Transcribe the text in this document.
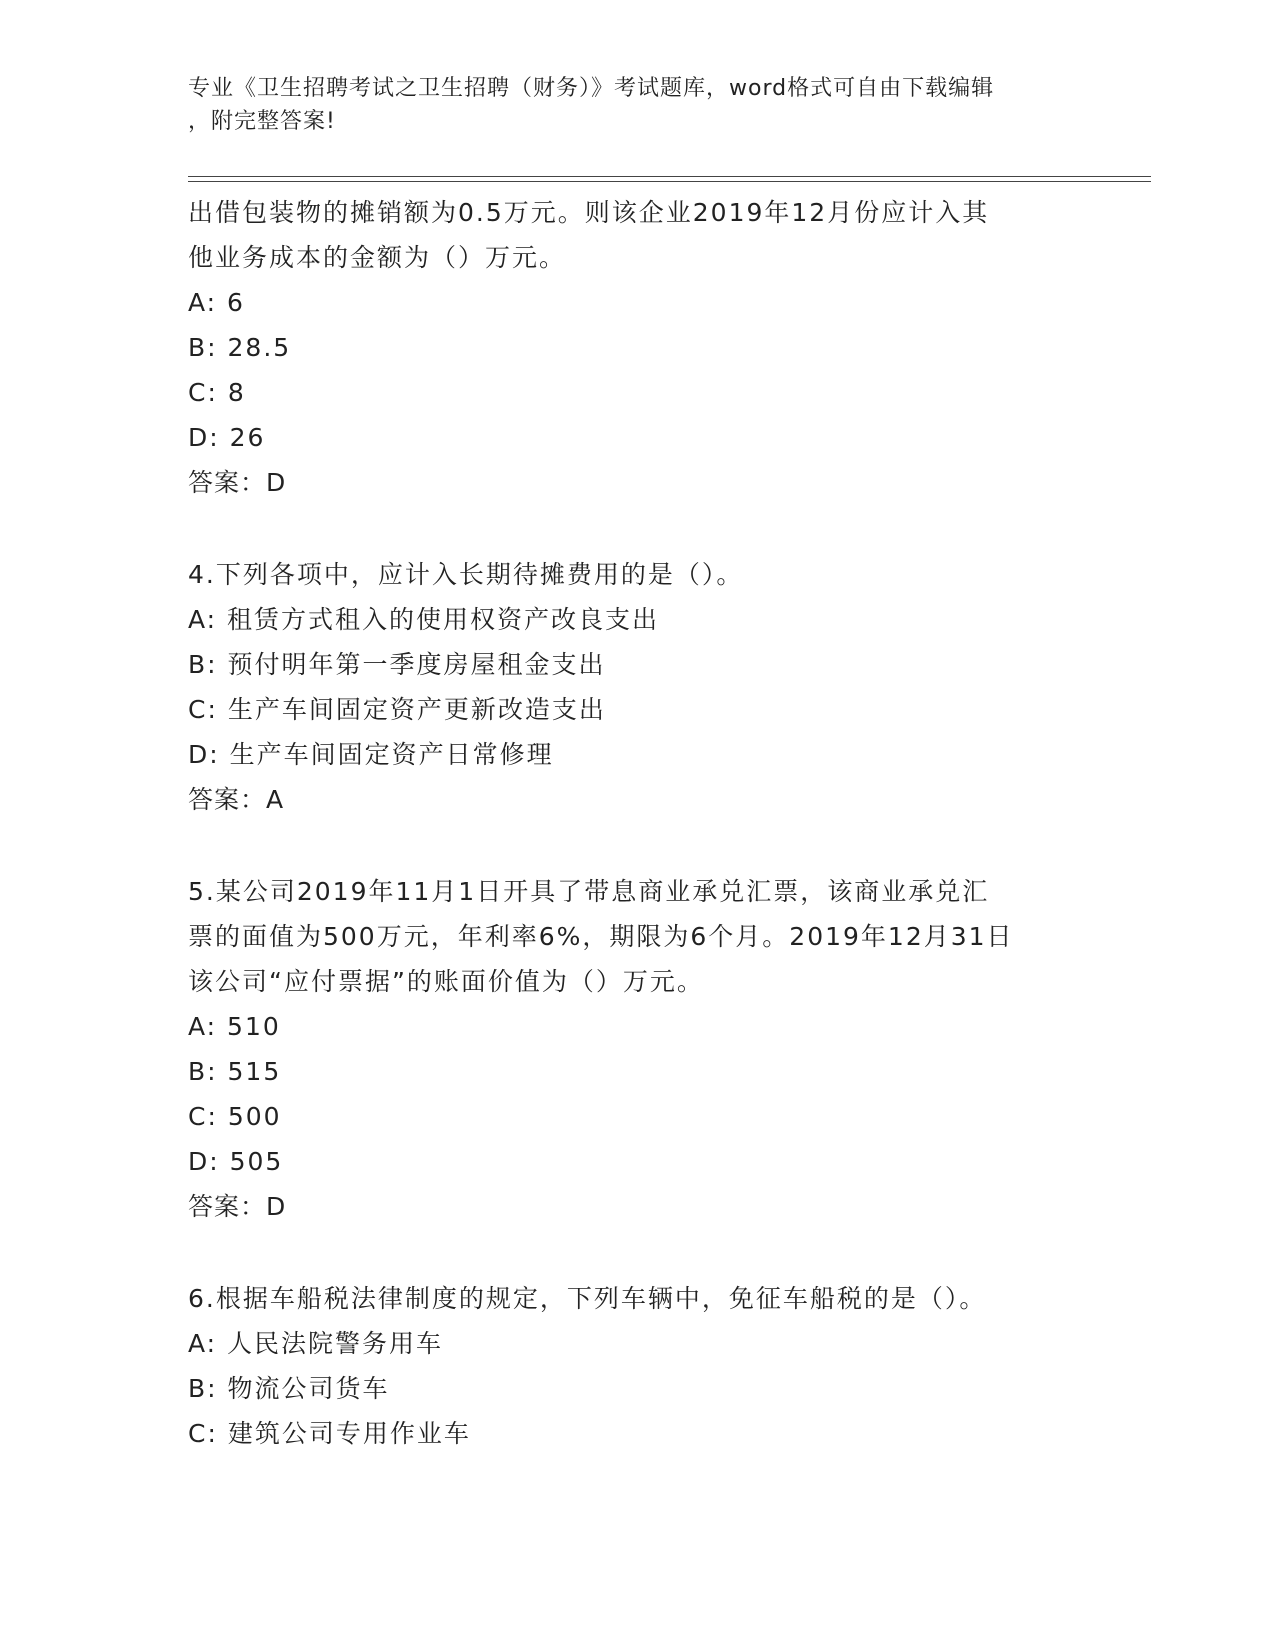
专业《卫生招聘考试之卫生招聘（财务）》考试题库，word格式可自由下载编辑
，附完整答案!
出借包装物的摊销额为0.5万元。则该企业2019年12月份应计入其
他业务成本的金额为（）万元。
A: 6
B: 28.5
C: 8
D: 26
答案：D
4.下列各项中，应计入长期待摊费用的是（）。
A: 租赁方式租入的使用权资产改良支出
B: 预付明年第一季度房屋租金支出
C: 生产车间固定资产更新改造支出
D: 生产车间固定资产日常修理
答案：A
5.某公司2019年11月1日开具了带息商业承兑汇票，该商业承兑汇
票的面值为500万元，年利率6%，期限为6个月。2019年12月31日
该公司“应付票据”的账面价值为（）万元。
A: 510
B: 515
C: 500
D: 505
答案：D
6.根据车船税法律制度的规定，下列车辆中，免征车船税的是（）。
A: 人民法院警务用车
B: 物流公司货车
C: 建筑公司专用作业车
